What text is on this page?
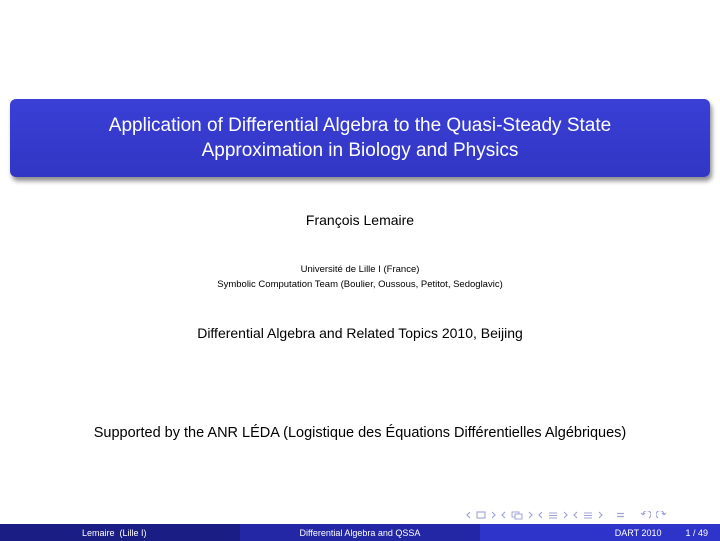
Application of Differential Algebra to the Quasi-Steady State
Approximation in Biology and Physics
François Lemaire
Université de Lille I (France)
Symbolic Computation Team (Boulier, Oussous, Petitot, Sedoglavic)
Differential Algebra and Related Topics 2010, Beijing
Supported by the ANR LÉDA (Logistique des Équations Différentielles Algébriques)
Lemaire  (Lille I)	Differential Algebra and QSSA	DART 2010	1 / 49
